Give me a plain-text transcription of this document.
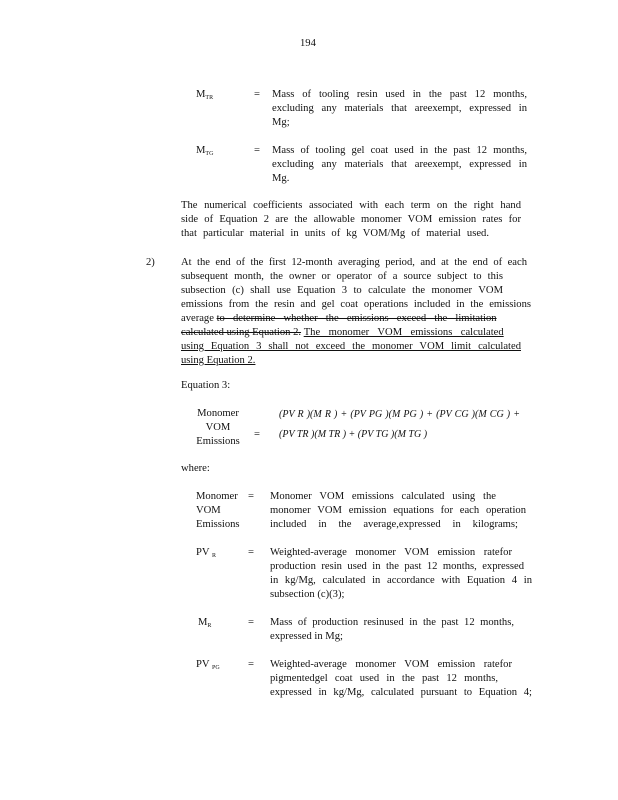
194
$M_{TR}$	= Mass of tooling resin used in the past 12 months,
excluding any materials that areexempt, expressed in
Mg;
$M_{TG}$	= Mass of tooling gel coat used in the past 12 months,
excluding any materials that areexempt, expressed in
Mg.
The numerical coefficients associated with each term on the right hand
side of Equation 2 are the allowable monomer VOM emission rates for
that particular material in units of kg VOM/Mg of material used.
2) At the end of the first 12-month averaging period, and at the end of each
subsequent month, the owner or operator of a source subject to this
subsection (c) shall use Equation 3 to calculate the monomer VOM
emissions from the resin and gel coat operations included in the emissions
average to determine whether the emissions exceed the limitation
calculated using Equation 2. The monomer VOM emissions calculated
using Equation 3 shall not exceed the monomer VOM limit calculated
using Equation 2.
Equation 3:
Monomer
VOM
Emissions
=
(PV R )(M R ) + (PV PG )(M PG ) + (PV CG )(M CG ) +
(PV TR )(M TR ) + (PV TG )(M TG )
where:
Monomer
VOM
Emissions
= Monomer VOM emissions calculated using the
monomer VOM emission equations for each operation
included in the average,expressed in kilograms;
PV $_R$	= Weighted-average monomer VOM emission ratefor
production resin used in the past 12 months, expressed
in kg/Mg, calculated in accordance with Equation 4 in
subsection (c)(3);
$M_R$	= Mass of production resinused in the past 12 months,
expressed in Mg;
PV $_{PG}$	= Weighted-average monomer VOM emission ratefor
pigmentedgel coat used in the past 12 months,
expressed in kg/Mg, calculated pursuant to Equation 4;
